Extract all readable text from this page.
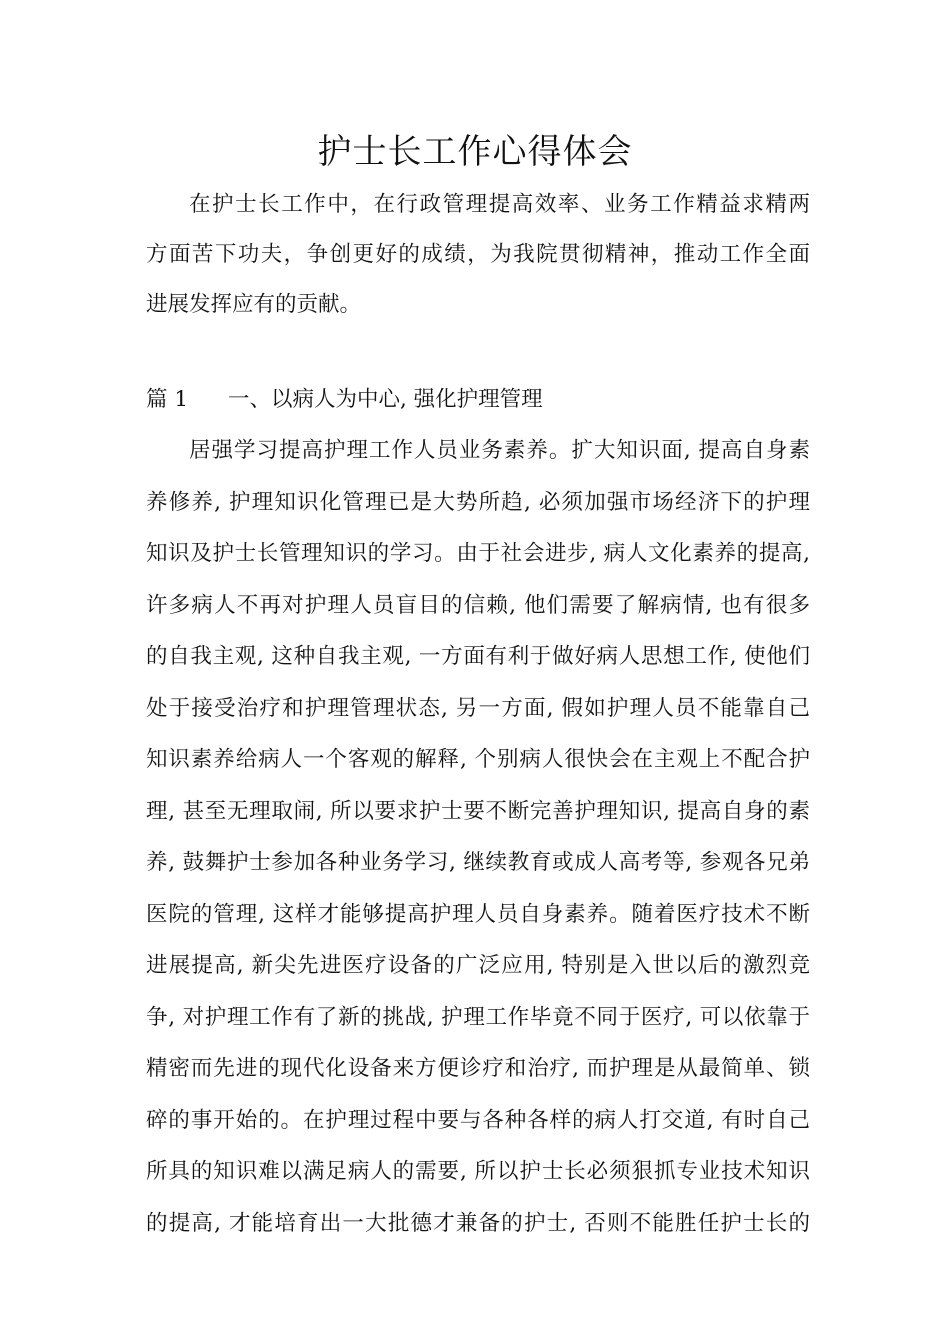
护士长工作心得体会
在护士长工作中，在行政管理提高效率、业务工作精益求精两
方面苦下功夫，争创更好的成绩，为我院贯彻精神，推动工作全面
进展发挥应有的贡献。
篇 1 一、以病人为中心, 强化护理管理
居强学习提高护理工作人员业务素养。扩大知识面, 提高自身素
养修养, 护理知识化管理已是大势所趋, 必须加强市场经济下的护理
知识及护士长管理知识的学习。由于社会进步, 病人文化素养的提高,
许多病人不再对护理人员盲目的信赖, 他们需要了解病情, 也有很多
的自我主观, 这种自我主观, 一方面有利于做好病人思想工作, 使他们
处于接受治疗和护理管理状态, 另一方面, 假如护理人员不能靠自己
知识素养给病人一个客观的解释, 个别病人很快会在主观上不配合护
理, 甚至无理取闹, 所以要求护士要不断完善护理知识, 提高自身的素
养, 鼓舞护士参加各种业务学习, 继续教育或成人高考等, 参观各兄弟
医院的管理, 这样才能够提高护理人员自身素养。随着医疗技术不断
进展提高, 新尖先进医疗设备的广泛应用, 特别是入世以后的激烈竞
争, 对护理工作有了新的挑战, 护理工作毕竟不同于医疗, 可以依靠于
精密而先进的现代化设备来方便诊疗和治疗, 而护理是从最简单、锁
碎的事开始的。在护理过程中要与各种各样的病人打交道, 有时自己
所具的知识难以满足病人的需要, 所以护士长必须狠抓专业技术知识
的提高, 才能培育出一大批德才兼备的护士, 否则不能胜任护士长的
